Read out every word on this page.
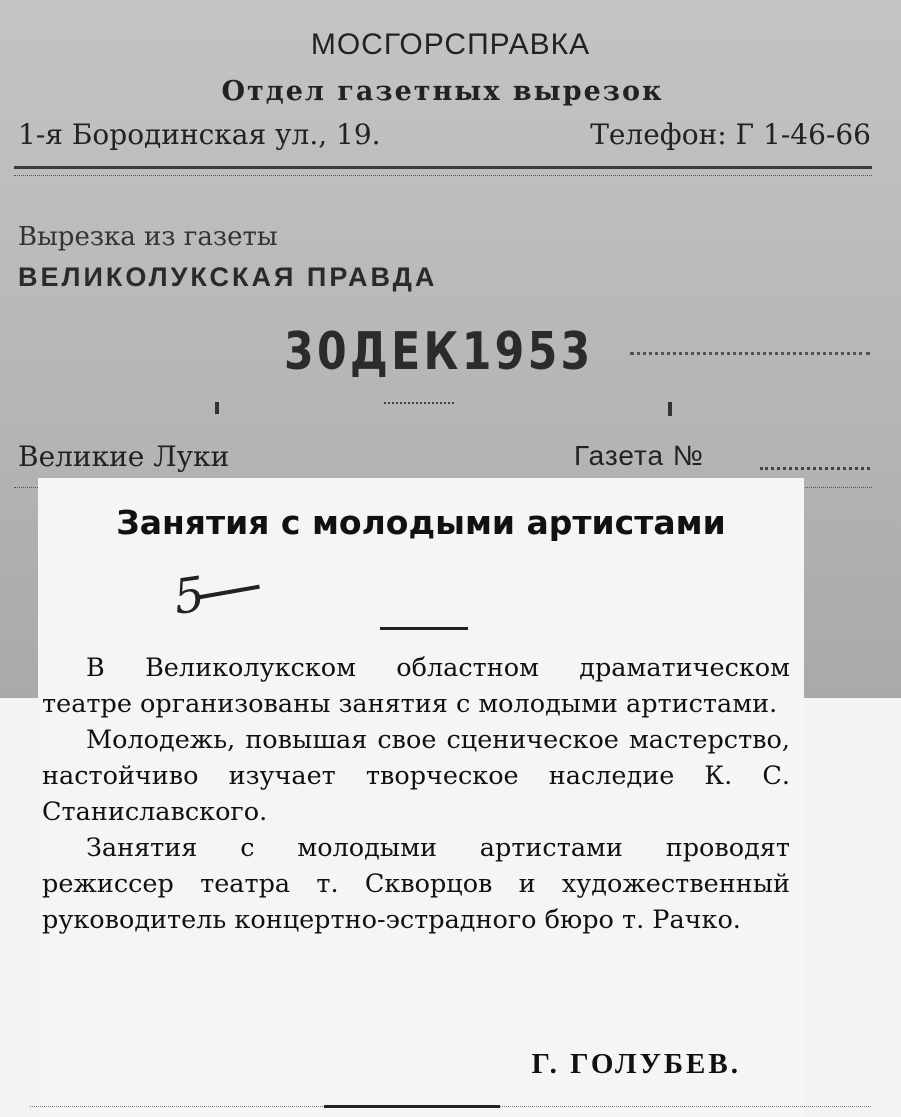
МОСГОРСПРАВКА
Отдел газетных вырезок
1-я Бородинская ул., 19.	Телефон: Г 1-46-66
Вырезка из газеты
ВЕЛИКОЛУКСКАЯ ПРАВДА
30ДЕК1953
Великие Луки	Газета №
Занятия с молодыми артистами
5

В Великолукском областном драматическом театре организованы занятия с молодыми артистами.

Молодежь, повышая свое сценическое мастерство, настойчиво изучает творческое наследие К. С. Станиславского.

Занятия с молодыми артистами проводят режиссер театра т. Скворцов и художественный руководитель концертно-эстрадного бюро т. Рачко.

Г. ГОЛУБЕВ.
